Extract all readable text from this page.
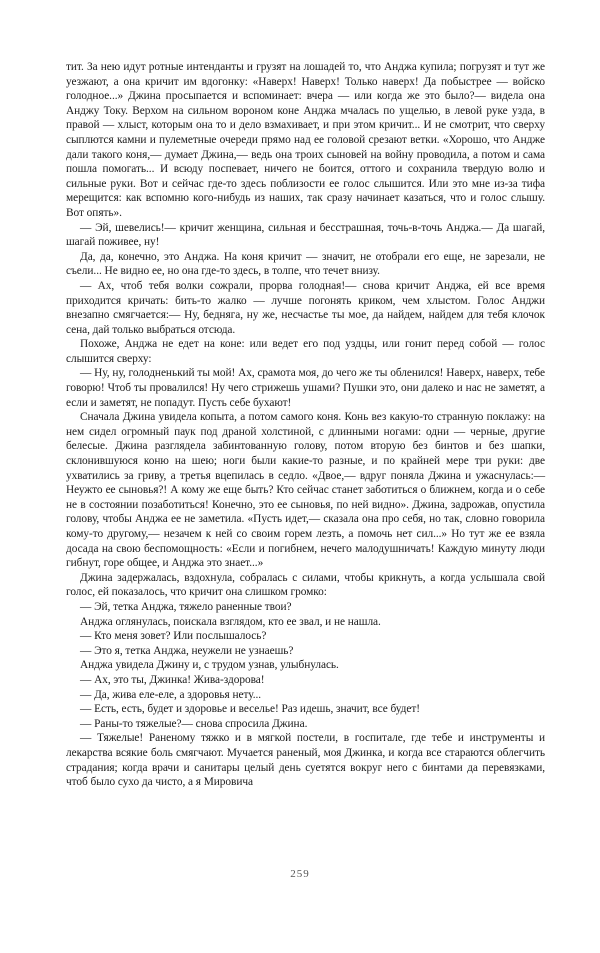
тит. За нею идут ротные интенданты и грузят на лошадей то, что Анджа купила; погрузят и тут же уезжают, а она кричит им вдогонку: «Наверх! Наверх! Только наверх! Да побыстрее — войско голодное...» Джина просыпается и вспоминает: вчера — или когда же это было?— видела она Анджу Току. Верхом на сильном вороном коне Анджа мчалась по ущелью, в левой руке узда, в правой — хлыст, которым она то и дело взмахивает, и при этом кричит... И не смотрит, что сверху сыплются камни и пулеметные очереди прямо над ее головой срезают ветки. «Хорошо, что Андже дали такого коня,— думает Джина,— ведь она троих сыновей на войну проводила, а потом и сама пошла помогать... И всюду поспевает, ничего не боится, оттого и сохранила твердую волю и сильные руки. Вот и сейчас где-то здесь поблизости ее голос слышится. Или это мне из-за тифа мерещится: как вспомню кого-нибудь из наших, так сразу начинает казаться, что и голос слышу. Вот опять».

— Эй, шевелись!— кричит женщина, сильная и бесстрашная, точь-в-точь Анджа.— Да шагай, шагай поживее, ну!

Да, да, конечно, это Анджа. На коня кричит — значит, не отобрали его еще, не зарезали, не съели... Не видно ее, но она где-то здесь, в толпе, что течет внизу.

— Ах, чтоб тебя волки сожрали, прорва голодная!— снова кричит Анджа, ей все время приходится кричать: бить-то жалко — лучше погонять криком, чем хлыстом. Голос Анджи внезапно смягчается:— Ну, бедняга, ну же, несчастье ты мое, да найдем, найдем для тебя клочок сена, дай только выбраться отсюда.

Похоже, Анджа не едет на коне: или ведет его под уздцы, или гонит перед собой — голос слышится сверху:

— Ну, ну, голодненький ты мой! Ах, срамота моя, до чего же ты обленился! Наверх, наверх, тебе говорю! Чтоб ты провалился! Ну чего стрижешь ушами? Пушки это, они далеко и нас не заметят, а если и заметят, не попадут. Пусть себе бухают!

Сначала Джина увидела копыта, а потом самого коня. Конь вез какую-то странную поклажу: на нем сидел огромный паук под драной холстиной, с длинными ногами: одни — черные, другие белесые. Джина разглядела забинтованную голову, потом вторую без бинтов и без шапки, склонившуюся коню на шею; ноги были какие-то разные, и по крайней мере три руки: две ухватились за гриву, а третья вцепилась в седло. «Двое,— вдруг поняла Джина и ужаснулась:— Неужто ее сыновья?! А кому же еще быть? Кто сейчас станет заботиться о ближнем, когда и о себе не в состоянии позаботиться! Конечно, это ее сыновья, по ней видно». Джина, задрожав, опустила голову, чтобы Анджа ее не заметила. «Пусть идет,— сказала она про себя, но так, словно говорила кому-то другому,— незачем к ней со своим горем лезть, а помочь нет сил...» Но тут же ее взяла досада на свою беспомощность: «Если и погибнем, нечего малодушничать! Каждую минуту люди гибнут, горе общее, и Анджа это знает...»

Джина задержалась, вздохнула, собралась с силами, чтобы крикнуть, а когда услышала свой голос, ей показалось, что кричит она слишком громко:

— Эй, тетка Анджа, тяжело раненные твои?

Анджа оглянулась, поискала взглядом, кто ее звал, и не нашла.

— Кто меня зовет? Или послышалось?

— Это я, тетка Анджа, неужели не узнаешь?

Анджа увидела Джину и, с трудом узнав, улыбнулась.

— Ах, это ты, Джинка! Жива-здорова!

— Да, жива еле-еле, а здоровья нету...

— Есть, есть, будет и здоровье и веселье! Раз идешь, значит, все будет!

— Раны-то тяжелые?— снова спросила Джина.

— Тяжелые! Раненому тяжко и в мягкой постели, в госпитале, где тебе и инструменты и лекарства всякие боль смягчают. Мучается раненый, моя Джинка, и когда все стараются облегчить страдания; когда врачи и санитары целый день суетятся вокруг него с бинтами да перевязками, чтоб было сухо да чисто, а я Мировича

259
